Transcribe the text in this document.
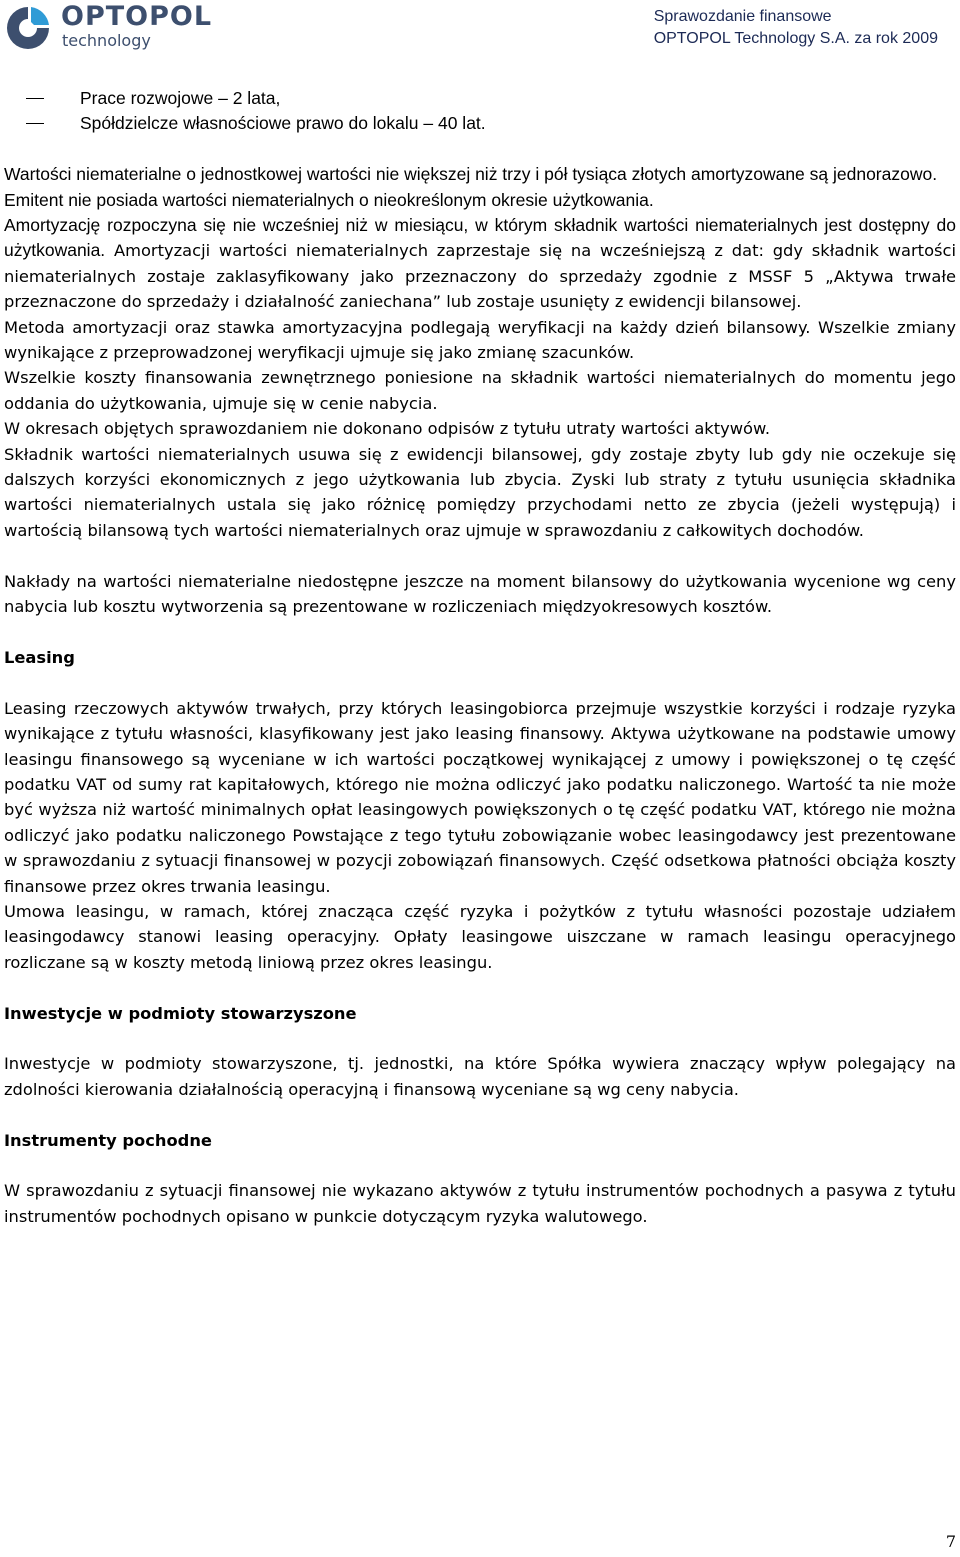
OPTOPOL
technology
Sprawozdanie finansowe
OPTOPOL Technology S.A. za rok 2009
Prace rozwojowe – 2 lata,
Spółdzielcze własnościowe prawo do lokalu – 40 lat.

Wartości niematerialne o jednostkowej wartości nie większej niż trzy i pół tysiąca złotych amortyzowane są jednorazowo.

Emitent nie posiada wartości niematerialnych o nieokreślonym okresie użytkowania.

Amortyzację rozpoczyna się nie wcześniej niż w miesiącu, w którym składnik wartości niematerialnych jest dostępny do użytkowania. Amortyzacji wartości niematerialnych zaprzestaje się na wcześniejszą z dat: gdy składnik wartości niematerialnych zostaje zaklasyfikowany jako przeznaczony do sprzedaży zgodnie z MSSF 5 „Aktywa trwałe przeznaczone do sprzedaży i działalność zaniechana” lub zostaje usunięty z ewidencji bilansowej.

Metoda amortyzacji oraz stawka amortyzacyjna podlegają weryfikacji na każdy dzień bilansowy. Wszelkie zmiany wynikające z przeprowadzonej weryfikacji ujmuje się jako zmianę szacunków.

Wszelkie koszty finansowania zewnętrznego poniesione na składnik wartości niematerialnych do momentu jego oddania do użytkowania, ujmuje się w cenie nabycia.

W okresach objętych sprawozdaniem nie dokonano odpisów z tytułu utraty wartości aktywów.

Składnik wartości niematerialnych usuwa się z ewidencji bilansowej, gdy zostaje zbyty lub gdy nie oczekuje się dalszych korzyści ekonomicznych z jego użytkowania lub zbycia. Zyski lub straty z tytułu usunięcia składnika wartości niematerialnych ustala się jako różnicę pomiędzy przychodami netto ze zbycia (jeżeli występują) i wartością bilansową tych wartości niematerialnych oraz ujmuje w sprawozdaniu z całkowitych dochodów.

Nakłady na wartości niematerialne niedostępne jeszcze na moment bilansowy do użytkowania wycenione wg ceny nabycia lub kosztu wytworzenia są prezentowane w rozliczeniach międzyokresowych kosztów.

Leasing

Leasing rzeczowych aktywów trwałych, przy których leasingobiorca przejmuje wszystkie korzyści i rodzaje ryzyka wynikające z tytułu własności, klasyfikowany jest jako leasing finansowy. Aktywa użytkowane na podstawie umowy leasingu finansowego są wyceniane w ich wartości początkowej wynikającej z umowy i powiększonej o tę część podatku VAT od sumy rat kapitałowych, którego nie można odliczyć jako podatku naliczonego. Wartość ta nie może być wyższa niż wartość minimalnych opłat leasingowych powiększonych o tę część podatku VAT, którego nie można odliczyć jako podatku naliczonego Powstające z tego tytułu zobowiązanie wobec leasingodawcy jest prezentowane w sprawozdaniu z sytuacji finansowej w pozycji zobowiązań finansowych. Część odsetkowa płatności obciąża koszty finansowe przez okres trwania leasingu.

Umowa leasingu, w ramach, której znacząca część ryzyka i pożytków z tytułu własności pozostaje udziałem leasingodawcy stanowi leasing operacyjny. Opłaty leasingowe uiszczane w ramach leasingu operacyjnego rozliczane są w koszty metodą liniową przez okres leasingu.

Inwestycje w podmioty stowarzyszone

Inwestycje w podmioty stowarzyszone, tj. jednostki, na które Spółka wywiera znaczący wpływ polegający na zdolności kierowania działalnością operacyjną i finansową wyceniane są wg ceny nabycia.

Instrumenty pochodne

W sprawozdaniu z sytuacji finansowej nie wykazano aktywów z tytułu instrumentów pochodnych a pasywa z tytułu instrumentów pochodnych opisano w punkcie dotyczącym ryzyka walutowego.

7
